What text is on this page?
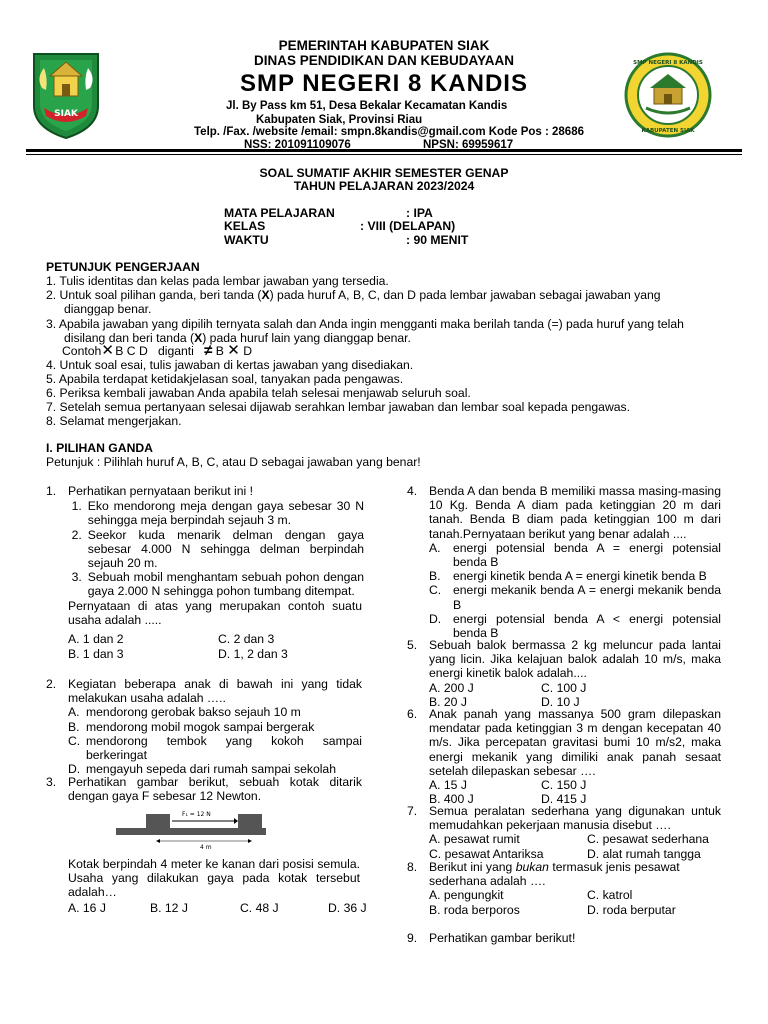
SIAK
SMP NEGERI 8 KANDIS
KABUPATEN SIAK
PEMERINTAH KABUPATEN SIAK
DINAS PENDIDIKAN DAN KEBUDAYAAN
SMP NEGERI 8 KANDIS
Jl. By Pass km 51, Desa Bekalar Kecamatan Kandis
Kabupaten Siak, Provinsi Riau
Telp. /Fax. /website /email: smpn.8kandis@gmail.com Kode Pos : 28686
NSS: 201091109076	NPSN: 69959617
SOAL SUMATIF AKHIR SEMESTER GENAP
TAHUN PELAJARAN 2023/2024
MATA PELAJARAN	: IPA
KELAS	: VIII (DELAPAN)
WAKTU	: 90 MENIT
PETUNJUK PENGERJAAN
1. Tulis identitas dan kelas pada lembar jawaban yang tersedia.
2. Untuk soal pilihan ganda, beri tanda (X) pada huruf A, B, C, dan D pada lembar jawaban sebagai jawaban yang
dianggap benar.
3. Apabila jawaban yang dipilih ternyata salah dan Anda ingin mengganti maka berilah tanda (=) pada huruf yang telah
disilang dan beri tanda (X) pada huruf lain yang dianggap benar.
Contoh✕ B C D diganti ≠ B ✕ D
4. Untuk soal esai, tulis jawaban di kertas jawaban yang disediakan.
5. Apabila terdapat ketidakjelasan soal, tanyakan pada pengawas.
6. Periksa kembali jawaban Anda apabila telah selesai menjawab seluruh soal.
7. Setelah semua pertanyaan selesai dijawab serahkan lembar jawaban dan lembar soal kepada pengawas.
8. Selamat mengerjakan.
I. PILIHAN GANDA
Petunjuk : Pilihlah huruf A, B, C, atau D sebagai jawaban yang benar!
1. Perhatikan pernyataan berikut ini !
1. Eko mendorong meja dengan gaya sebesar 30 N sehingga meja berpindah sejauh 3 m.
2. Seekor kuda menarik delman dengan gaya sebesar 4.000 N sehingga delman berpindah sejauh 20 m.
3. Sebuah mobil menghantam sebuah pohon dengan gaya 2.000 N sehingga pohon tumbang ditempat.
Pernyataan di atas yang merupakan contoh suatu usaha adalah .....
A. 1 dan 2	C. 2 dan 3
B. 1 dan 3	D. 1, 2 dan 3
2. Kegiatan beberapa anak di bawah ini yang tidak melakukan usaha adalah …..
A. mendorong gerobak bakso sejauh 10 m
B. mendorong mobil mogok sampai bergerak
C. mendorong tembok yang kokoh sampai berkeringat
D. mengayuh sepeda dari rumah sampai sekolah
3. Perhatikan gambar berikut, sebuah kotak ditarik dengan gaya F sebesar 12 Newton.
F₁ = 12 N
4 m
Kotak berpindah 4 meter ke kanan dari posisi semula. Usaha yang dilakukan gaya pada kotak tersebut adalah…
A. 16 J	B. 12 J	C. 48 J	D. 36 J
4. Benda A dan benda B memiliki massa masing-masing 10 Kg. Benda A diam pada ketinggian 20 m dari tanah. Benda B diam pada ketinggian 100 m dari tanah.Pernyataan berikut yang benar adalah ....
A.	energi potensial benda A = energi potensial benda B
B.	energi kinetik benda A = energi kinetik benda B
C. energi mekanik benda A = energi mekanik benda B
D. energi potensial benda A < energi potensial benda B
5. Sebuah balok bermassa 2 kg meluncur pada lantai yang licin. Jika kelajuan balok adalah 10 m/s, maka energi kinetik balok adalah....
A. 200 J	C. 100 J
B. 20 J	D. 10 J
6. Anak panah yang massanya 500 gram dilepaskan mendatar pada ketinggian 3 m dengan kecepatan 40 m/s. Jika percepatan gravitasi bumi 10 m/s2, maka energi mekanik yang dimiliki anak panah sesaat setelah dilepaskan sebesar ….
A. 15 J	C. 150 J
B. 400 J	D. 415 J
7. Semua peralatan sederhana yang digunakan untuk memudahkan pekerjaan manusia disebut ….
A. pesawat rumit	C. pesawat sederhana
C. pesawat Antariksa	D. alat rumah tangga
8. Berikut ini yang bukan termasuk jenis pesawat
sederhana adalah ….
A. pengungkit	C. katrol
B. roda berporos	D. roda berputar
9. Perhatikan gambar berikut!
